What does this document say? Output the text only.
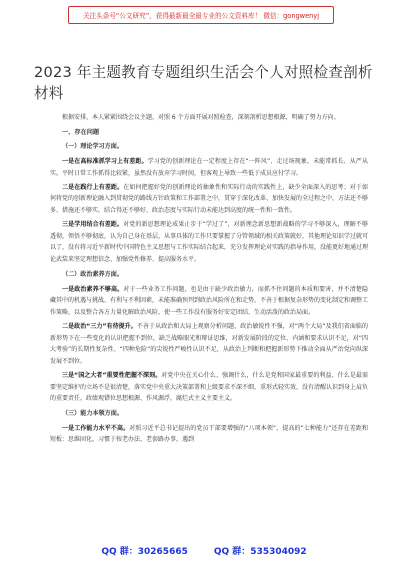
关注头条号“公文研究”，获得最新最全最专业的公文资料库！ 微信：gongwenyj
2023 年主题教育专题组织生活会个人对照检查剖析材料

根据安排，本人紧紧围绕会议主题，对照 6 个方面开展对照检查，深刻剖析思想根源，明确了努力方向。

一、存在问题

（一）理论学习方面。

一是在高标准抓学习上有差距。学习党的创新理论在一定程度上存在“一阵风”、走过场现象，未能常抓长、从严从实。平时日常工作抓得比较紧，虽然没有放弃学习时间，但客观上导致一些低于成员应付学习。

二是在践行上有差距。在如何把握好党的创新理论的抽象性和实际行动的实践性上，缺少全面深入的思考；对于如何将党的创新理论融入到贯彻党的路线方针政策和工作部署之中，贯穿于深化改革、加快发展的全过程之中，方法还不够多、措施还不够实，结合得还不够好，政治态度与实际行动未能达到高度的统一性和一致性。

三是学用结合有差距。对党的新思想理论成果止步于“学过了”，对新理念新思想新战略的学习不够深入，理解不够透彻，领悟不够彻底，认为自己身在基层，从事具体的工作只要掌握了分管领域的相关政策就好，其他理论知识学过就可以了，没有将习近平新时代中国特色主义思想与工作实际结合起来，充分发挥理论对实践的指导作用，没能更好地通过理论武装来坚定理想信念、加强党性修养、提高服务水平。

（二）政治素养方面。

一是政治素养不够高。对于一些业务工作问题，也是由于缺少政治敏力，而抓不住问题的本质和要害，并不清楚隐藏其中的机遇与挑战、有利与不利因素，未能准确预判到政治风险所在和走势，不善于根据复杂形势的变化制定和调整工作策略，以及整合各方力量化解政治风险，使一些工作没有服务好安定团结、生动活泼的政治局面。

二是政治“三力”有待提升。不善于从政治和大局上观察分析问题，政治敏锐性不强，对“两个大局”及我们省面临的新形势下在一些变化的认识把握不到位，缺乏战略眼光和辩证思维，对新发展阶段的定位、内涵和要求认识不足，对“四大考验”的长期性复杂性、“四种危险”的尖锐性严峻性认识不足，从政治上判断和把握新形势下推动全面从严治党向纵深发展不到位。

三是“国之大者”重要性把握不深刻。对党中央在关心什么、强调什么，什么是党和国家最重要的利益、什么是最需要坚定维护的立场不是很清楚，落实党中央重大决策部署和上级要求不深不细，重形式轻实效，没有清醒认识到身上肩负的重要责任，政绩观错位思想根源、作风源浮，腐烂式主义主要主义。

（三）能力本领方面。

一是工作能力水平不高。对照习近平总书记提出的党员干部要增强的“八项本领”，提高的“七种能力”还存在差距和短板：思维固化，习惯于按老办法、老套路办事，遇到

QQ 群：30265665	QQ 群：535304092
